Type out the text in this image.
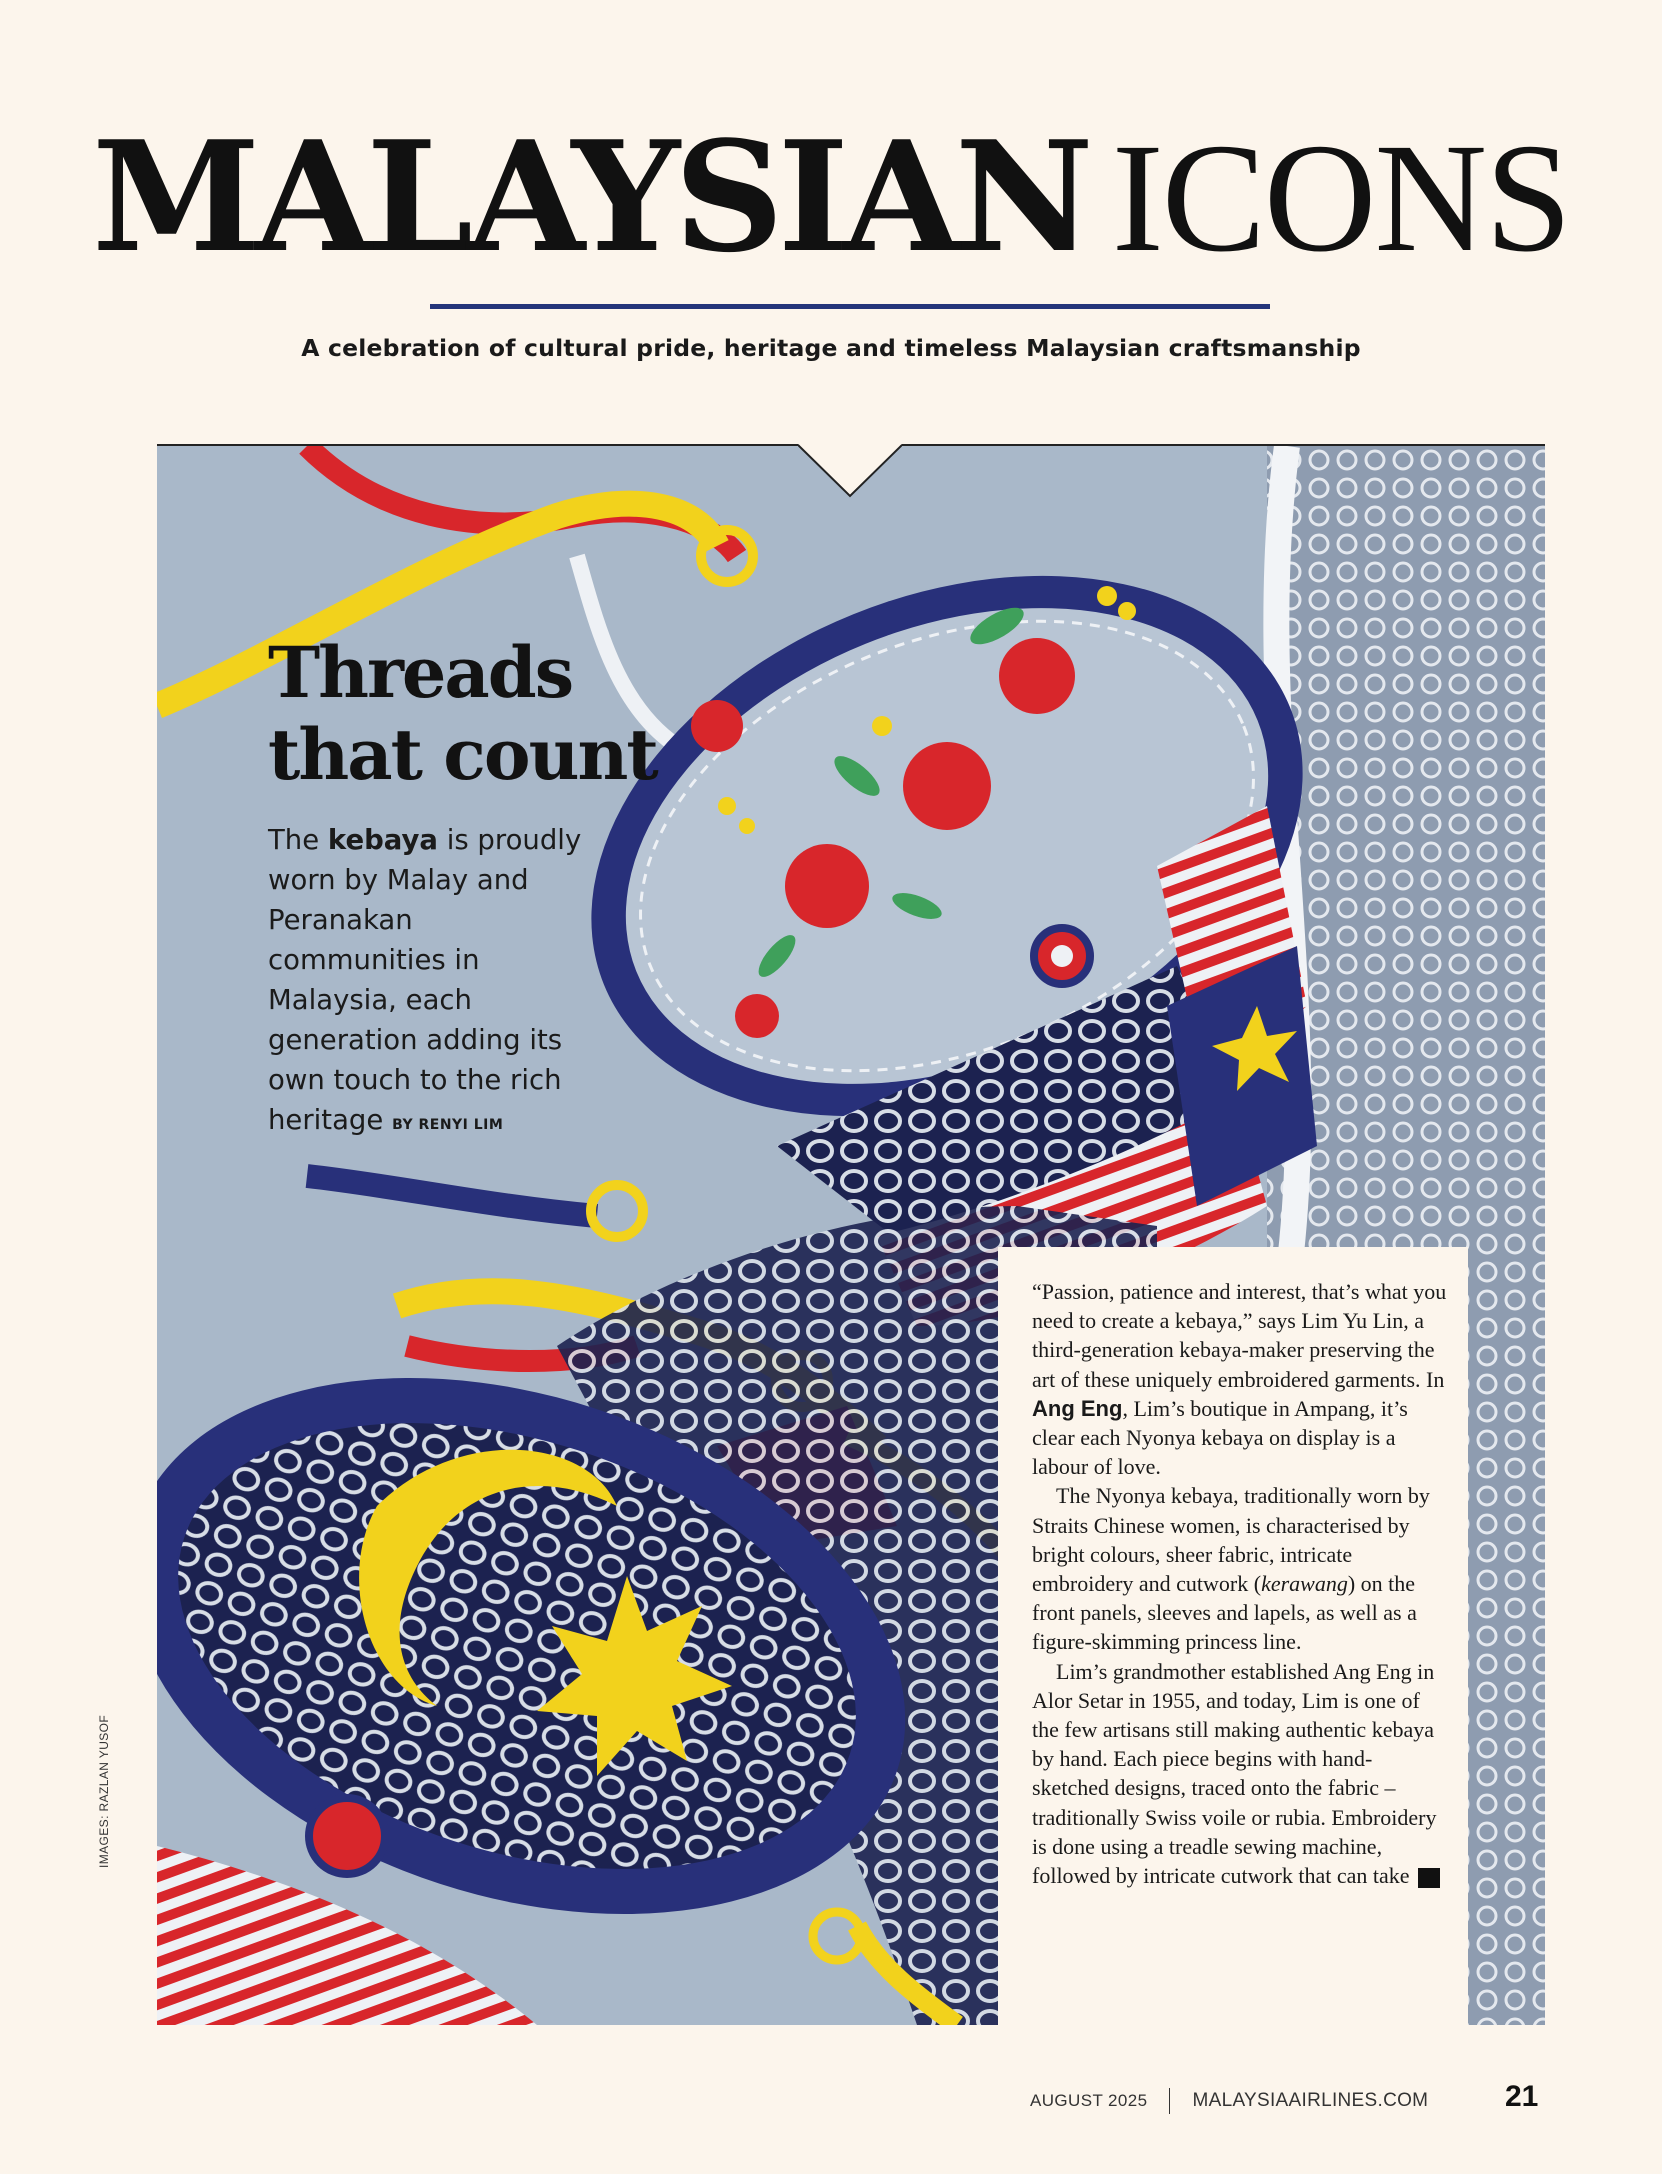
MALAYSIAN ICONS
A celebration of cultural pride, heritage and timeless Malaysian craftsmanship
Threads
that count

The kebaya is proudly worn by Malay and Peranakan communities in Malaysia, each generation adding its own touch to the rich heritage BY RENYI LIM

“Passion, patience and interest, that’s what you need to create a kebaya,” says Lim Yu Lin, a third-generation kebaya-maker preserving the art of these uniquely embroidered garments. In Ang Eng, Lim’s boutique in Ampang, it’s clear each Nyonya kebaya on display is a labour of love.

The Nyonya kebaya, traditionally worn by Straits Chinese women, is characterised by bright colours, sheer fabric, intricate embroidery and cutwork (kerawang) on the front panels, sleeves and lapels, as well as a figure-skimming princess line.

Lim’s grandmother established Ang Eng in Alor Setar in 1955, and today, Lim is one of the few artisans still making authentic kebaya by hand. Each piece begins with hand-sketched designs, traced onto the fabric – traditionally Swiss voile or rubia. Embroidery is done using a treadle sewing machine, followed by intricate cutwork that can take ➔

IMAGES: RAZLAN YUSOF
AUGUST 2025 MALAYSIAAIRLINES.COM	21
